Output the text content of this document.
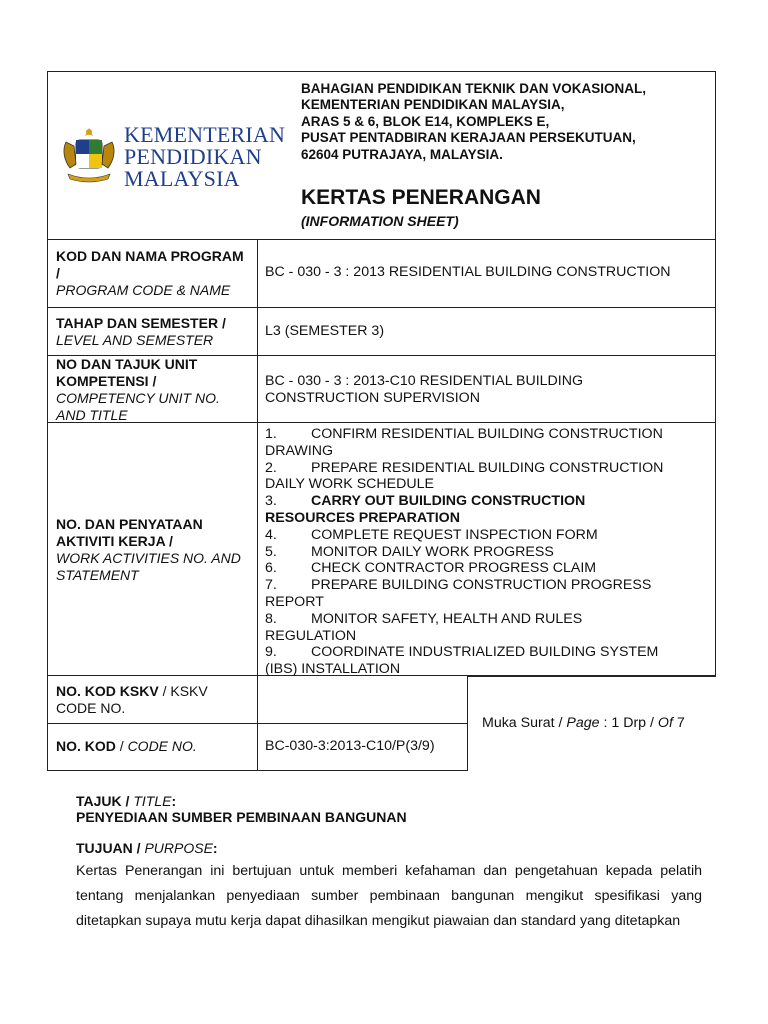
KEMENTERIAN
PENDIDIKAN
MALAYSIA
BAHAGIAN PENDIDIKAN TEKNIK DAN VOKASIONAL,
KEMENTERIAN PENDIDIKAN MALAYSIA,
ARAS 5 & 6, BLOK E14, KOMPLEKS E,
PUSAT PENTADBIRAN KERAJAAN PERSEKUTUAN,
62604 PUTRAJAYA, MALAYSIA.
KERTAS PENERANGAN
(INFORMATION SHEET)
KOD DAN NAMA PROGRAM /
PROGRAM CODE & NAME
BC - 030 - 3 : 2013 RESIDENTIAL BUILDING CONSTRUCTION
TAHAP DAN SEMESTER /
LEVEL AND SEMESTER
L3 (SEMESTER 3)
NO DAN TAJUK UNIT KOMPETENSI /
COMPETENCY UNIT NO. AND TITLE
BC - 030 - 3 : 2013-C10 RESIDENTIAL BUILDING
CONSTRUCTION SUPERVISION
NO. DAN PENYATAAN AKTIVITI KERJA /
WORK ACTIVITIES NO. AND STATEMENT
1. CONFIRM RESIDENTIAL BUILDING CONSTRUCTION
DRAWING
2. PREPARE RESIDENTIAL BUILDING CONSTRUCTION
DAILY WORK SCHEDULE
3. CARRY OUT BUILDING CONSTRUCTION
RESOURCES PREPARATION
4. COMPLETE REQUEST INSPECTION FORM
5. MONITOR DAILY WORK PROGRESS
6. CHECK CONTRACTOR PROGRESS CLAIM
7. PREPARE BUILDING CONSTRUCTION PROGRESS
REPORT
8. MONITOR SAFETY, HEALTH AND RULES
REGULATION
9. COORDINATE INDUSTRIALIZED BUILDING SYSTEM
(IBS) INSTALLATION
NO. KOD KSKV / KSKV
CODE NO.
NO. KOD / CODE NO.	BC-030-3:2013-C10/P(3/9)
Muka Surat / Page : 1 Drp / Of 7
TAJUK / TITLE:
PENYEDIAAN SUMBER PEMBINAAN BANGUNAN
TUJUAN / PURPOSE:
Kertas Penerangan ini bertujuan untuk memberi kefahaman dan pengetahuan kepada pelatih tentang menjalankan penyediaan sumber pembinaan bangunan mengikut spesifikasi yang ditetapkan supaya mutu kerja dapat dihasilkan mengikut piawaian dan standard yang ditetapkan
